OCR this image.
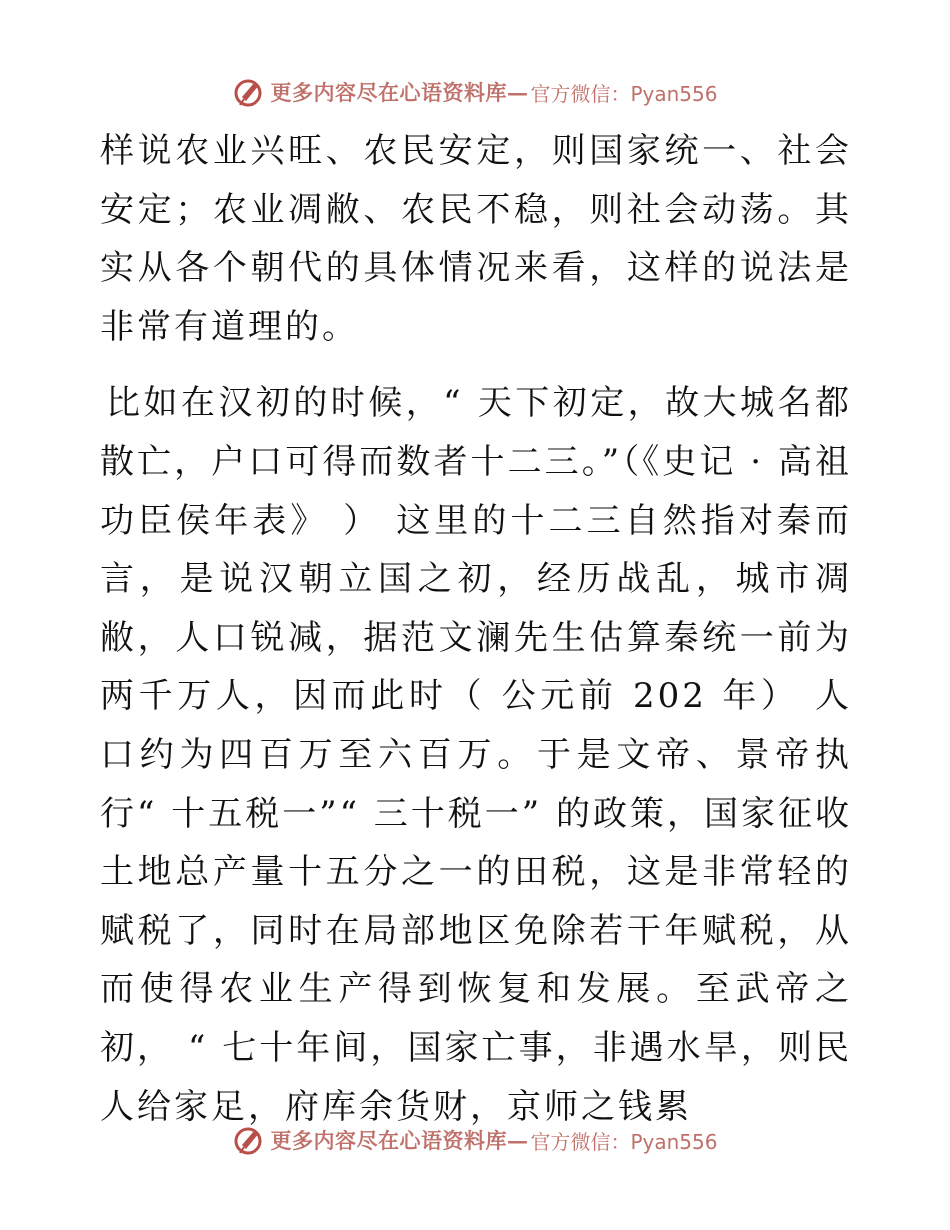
更多内容尽在心语资料库 — 官方微信：Pyan556

样说农业兴旺、农民安定，则国家统一、社会安定；农业凋敝、农民不稳，则社会动荡。其实从各个朝代的具体情况来看，这样的说法是非常有道理的。

比如在汉初的时候，“ 天下初定，故大城名都散亡，户口可得而数者十二三。”（《史记 · 高祖功臣侯年表》 ） 这里的十二三自然指对秦而言，是说汉朝立国之初，经历战乱，城市凋敝，人口锐减，据范文澜先生估算秦统一前为两千万人，因而此时（ 公元前 202 年） 人口约为四百万至六百万。于是文帝、景帝执行“ 十五税一”“ 三十税一” 的政策，国家征收土地总产量十五分之一的田税，这是非常轻的赋税了，同时在局部地区免除若干年赋税，从而使得农业生产得到恢复和发展。至武帝之初， “ 七十年间，国家亡事，非遇水旱，则民人给家足，府库余货财，京师之钱累

更多内容尽在心语资料库 — 官方微信：Pyan556
